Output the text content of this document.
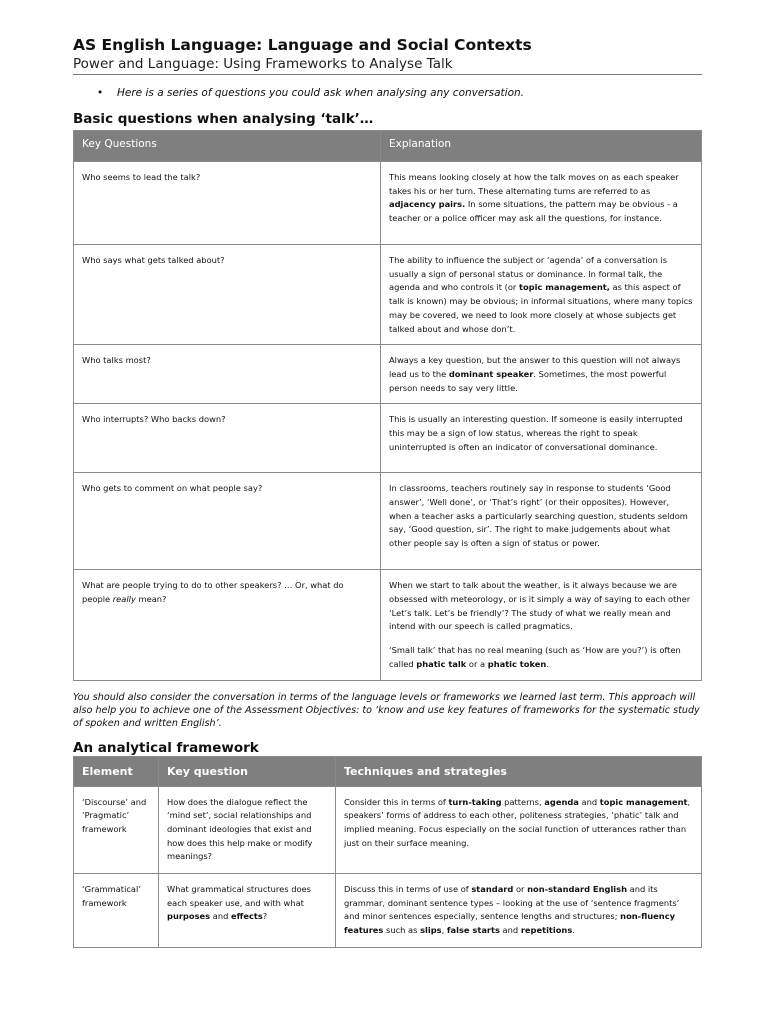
AS English Language: Language and Social Contexts
Power and Language: Using Frameworks to Analyse Talk
•	Here is a series of questions you could ask when analysing any conversation.
Basic questions when analysing ‘talk’…
Key Questions	Explanation
Who seems to lead the talk?	This means looking closely at how the talk moves on as each speaker takes his or her turn. These alternating turns are referred to as adjacency pairs. In some situations, the pattern may be obvious - a teacher or a police officer may ask all the questions, for instance.
Who says what gets talked about?	The ability to influence the subject or ‘agenda’ of a conversation is usually a sign of personal status or dominance. In formal talk, the agenda and who controls it (or topic management, as this aspect of talk is known) may be obvious; in informal situations, where many topics may be covered, we need to look more closely at whose subjects get talked about and whose don’t.
Who talks most?	Always a key question, but the answer to this question will not always lead us to the dominant speaker. Sometimes, the most powerful person needs to say very little.
Who interrupts? Who backs down?	This is usually an interesting question. If someone is easily interrupted this may be a sign of low status, whereas the right to speak uninterrupted is often an indicator of conversational dominance.
Who gets to comment on what people say?	In classrooms, teachers routinely say in response to students ‘Good answer’, ‘Well done’, or ‘That’s right’ (or their opposites). However, when a teacher asks a particularly searching question, students seldom say, ‘Good question, sir’. The right to make judgements about what other people say is often a sign of status or power.
What are people trying to do to other speakers? … Or, what do people really mean?	When we start to talk about the weather, is it always because we are obsessed with meteorology, or is it simply a way of saying to each other ‘Let’s talk. Let’s be friendly’? The study of what we really mean and intend with our speech is called pragmatics.

‘Small talk’ that has no real meaning (such as ‘How are you?’) is often called phatic talk or a phatic token.

You should also consider the conversation in terms of the language levels or frameworks we learned last term. This approach will also help you to achieve one of the Assessment Objectives: to ‘know and use key features of frameworks for the systematic study of spoken and written English’.

An analytical framework
Element	Key question	Techniques and strategies
‘Discourse’ and ‘Pragmatic’ framework	How does the dialogue reflect the ‘mind set’, social relationships and dominant ideologies that exist and how does this help make or modify meanings?	Consider this in terms of turn-taking patterns, agenda and topic management, speakers’ forms of address to each other, politeness strategies, ‘phatic’ talk and implied meaning. Focus especially on the social function of utterances rather than just on their surface meaning.
‘Grammatical’ framework	What grammatical structures does each speaker use, and with what purposes and effects?	Discuss this in terms of use of standard or non-standard English and its grammar, dominant sentence types – looking at the use of ‘sentence fragments’ and minor sentences especially, sentence lengths and structures; non-fluency features such as slips, false starts and repetitions.
